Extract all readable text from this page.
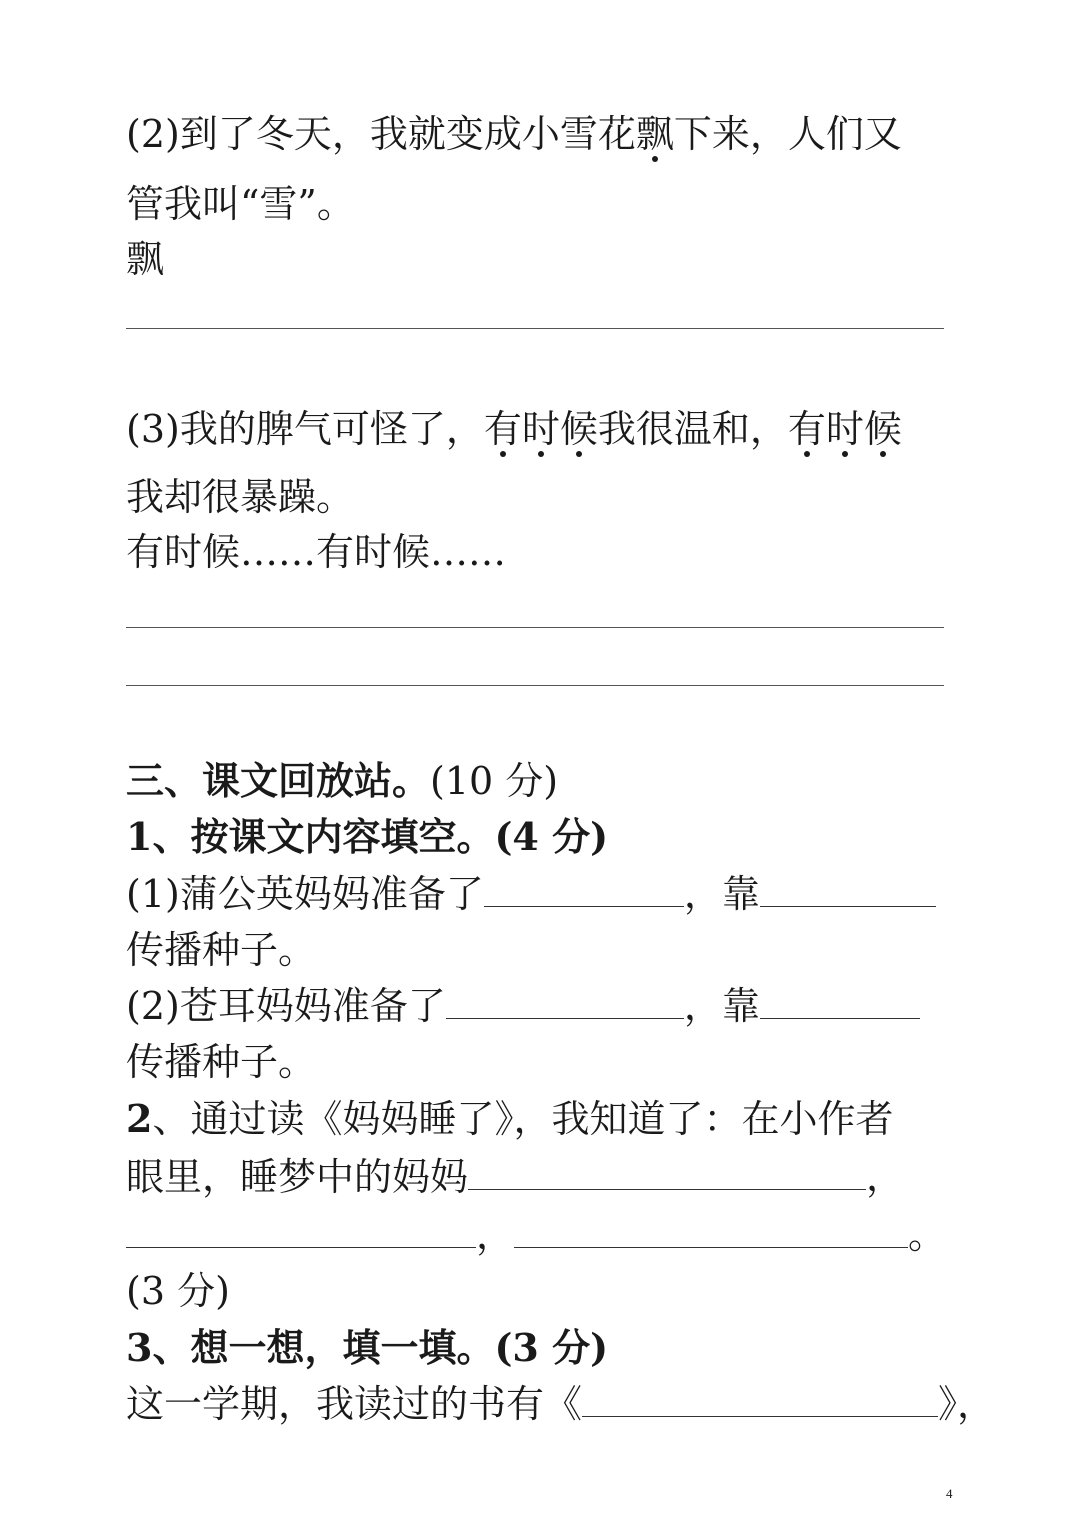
(2)到了冬天，我就变成小雪花飘下来，人们又
管我叫“雪”。
飘
(3)我的脾气可怪了，有时候我很温和，有时候
我却很暴躁。
有时候……有时候……
三、课文回放站。(10 分)
1、按课文内容填空。(4 分)
(1)蒲公英妈妈准备了	，靠
传播种子。
(2)苍耳妈妈准备了	，靠
传播种子。
2、通过读《妈妈睡了》，我知道了：在小作者
眼里，睡梦中的妈妈	，
，	。
(3 分)
3、想一想，填一填。(3 分)
这一学期，我读过的书有《	》，
4
